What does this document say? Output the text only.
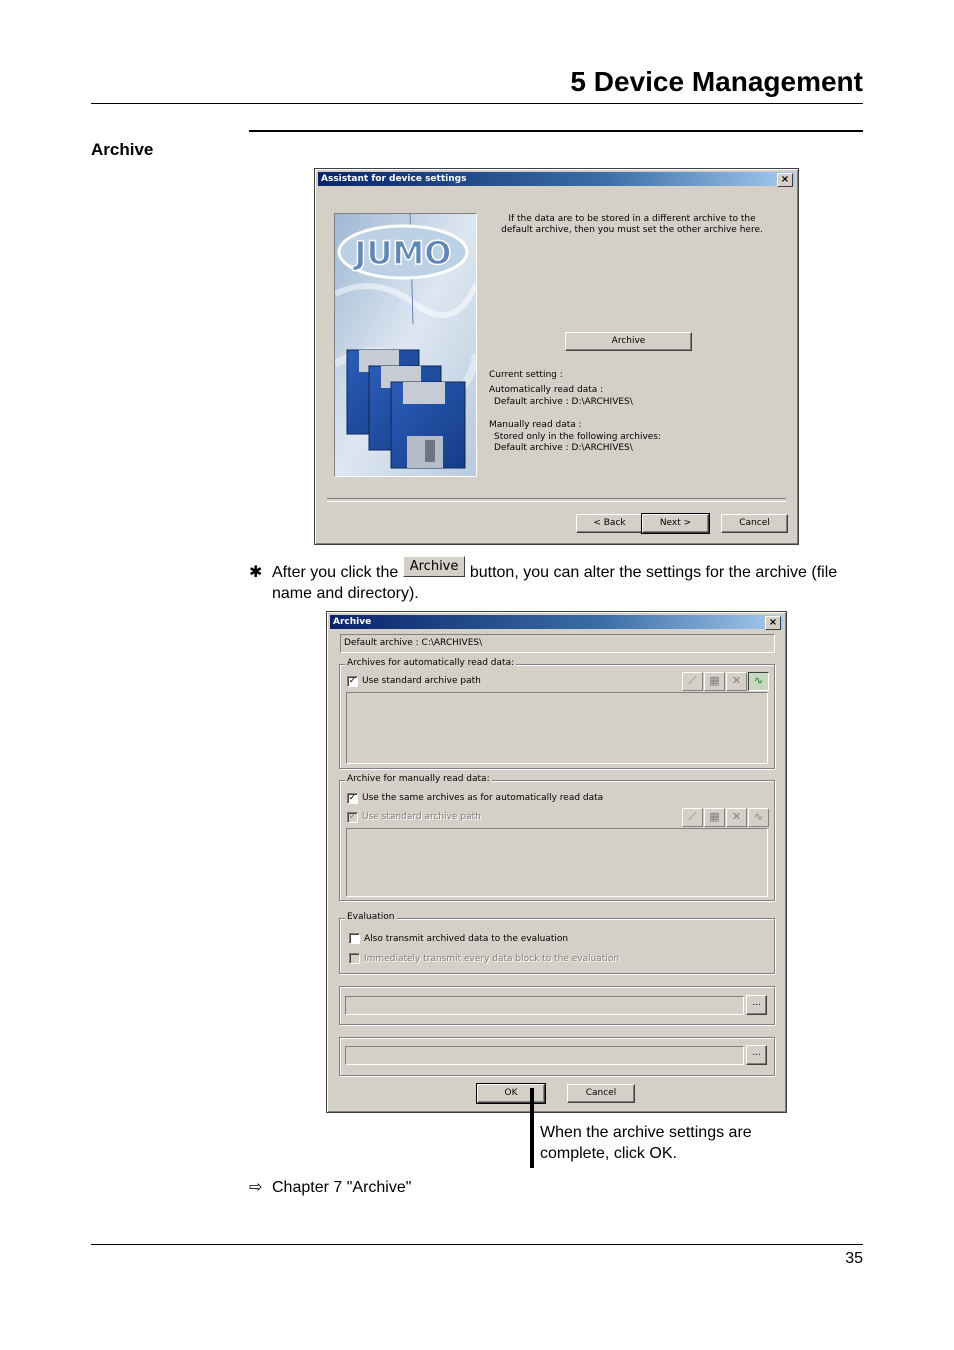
5 Device Management
Archive
Assistant for device settings	×
JUMO
If the data are to be stored in a different archive to the default archive, then you must set the other archive here.
Archive
Current setting :
Automatically read data :
Default archive : D:\ARCHIVES\
Manually read data :
Stored only in the following archives:
Default archive : D:\ARCHIVES\
< Back	Next >	Cancel
✱ After you click the Archive button, you can alter the settings for the archive (file name and directory).
Archive	×
Default archive : C:\ARCHIVES\
Archives for automatically read data:
✓ Use standard archive path	⟋	▦	✕	∿
Archive for manually read data:
✓ Use the same archives as for automatically read data
✓ Use standard archive path	⟋	▦	✕	∿
Evaluation
Also transmit archived data to the evaluation
Immediately transmit every data block to the evaluation
...
...
OK	Cancel
When the archive settings are complete, click OK.
⇨ Chapter 7 "Archive"
35
